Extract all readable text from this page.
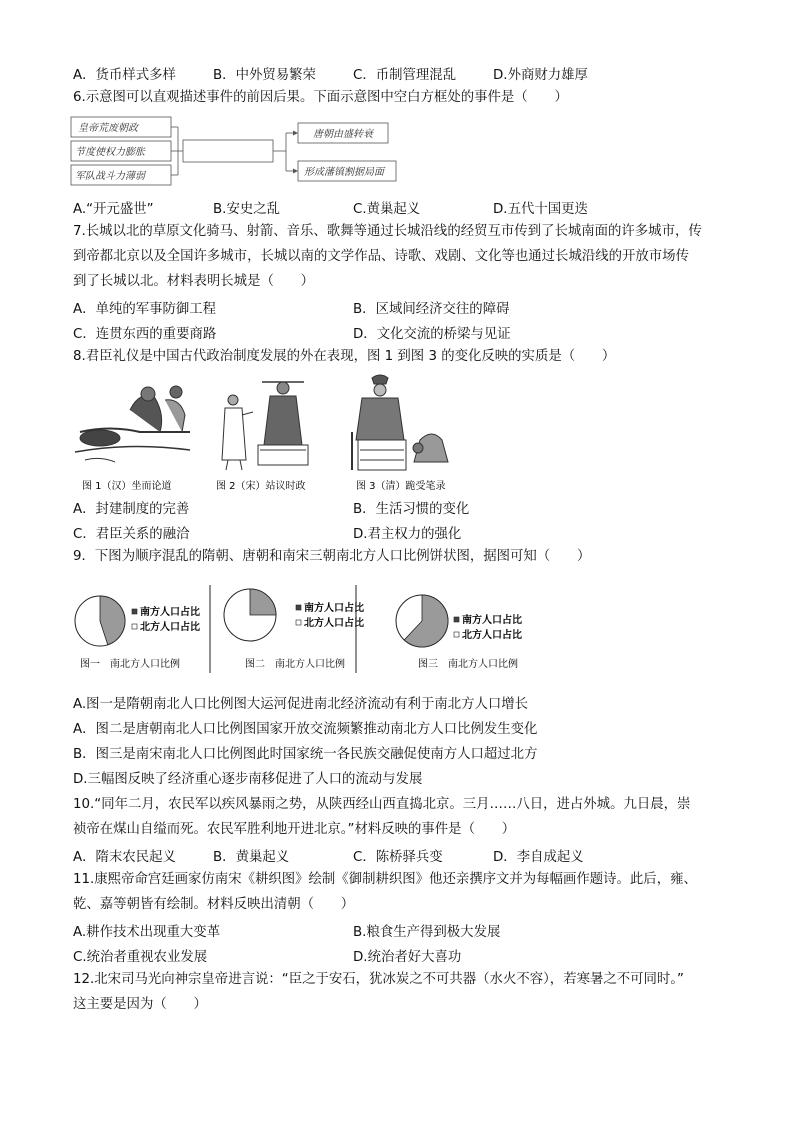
A．货币样式多样	B．中外贸易繁荣	C．币制管理混乱	D.外商财力雄厚
6.示意图可以直观描述事件的前因后果。下面示意图中空白方框处的事件是（　　）
皇帝荒废朝政
节度使权力膨胀
军队战斗力薄弱
唐朝由盛转衰
形成藩镇割据局面
A.“开元盛世”	B.安史之乱	C.黄巢起义	D.五代十国更迭
7.长城以北的草原文化骑马、射箭、音乐、歌舞等通过长城沿线的经贸互市传到了长城南面的许多城市，传
到帝都北京以及全国许多城市，长城以南的文学作品、诗歌、戏剧、文化等也通过长城沿线的开放市场传
到了长城以北。材料表明长城是（　　）
A．单纯的军事防御工程	B．区域间经济交往的障碍
C．连贯东西的重要商路	D．文化交流的桥梁与见证
8.君臣礼仪是中国古代政治制度发展的外在表现，图 1 到图 3 的变化反映的实质是（　　）
图 1（汉）坐而论道	图 2（宋）站议时政	图 3（清）跪受笔录
A．封建制度的完善	B．生活习惯的变化
C．君臣关系的融洽	D.君主权力的强化
9．下图为顺序混乱的隋朝、唐朝和南宋三朝南北方人口比例饼状图，据图可知（　　）
南方人口占比
北方人口占比
图一　南北方人口比例
南方人口占比
北方人口占比
图二　南北方人口比例
南方人口占比
北方人口占比
图三　南北方人口比例
A.图一是隋朝南北人口比例图大运河促进南北经济流动有利于南北方人口增长
A．图二是唐朝南北人口比例图国家开放交流频繁推动南北方人口比例发生变化
B．图三是南宋南北人口比例图此时国家统一各民族交融促使南方人口超过北方
D.三幅图反映了经济重心逐步南移促进了人口的流动与发展
10.“同年二月，农民军以疾风暴雨之势，从陕西经山西直捣北京。三月……八日，进占外城。九日晨，崇
祯帝在煤山自缢而死。农民军胜利地开进北京。”材料反映的事件是（　　）
A．隋末农民起义	B．黄巢起义	C．陈桥驿兵变	D．李自成起义
11.康熙帝命宫廷画家仿南宋《耕织图》绘制《御制耕织图》他还亲撰序文并为每幅画作题诗。此后，雍、
乾、嘉等朝皆有绘制。材料反映出清朝（　　）
A.耕作技术出现重大变革	B.粮食生产得到极大发展
C.统治者重视农业发展	D.统治者好大喜功
12.北宋司马光向神宗皇帝进言说：“臣之于安石，犹冰炭之不可共器（水火不容），若寒暑之不可同时。”
这主要是因为（　　）
